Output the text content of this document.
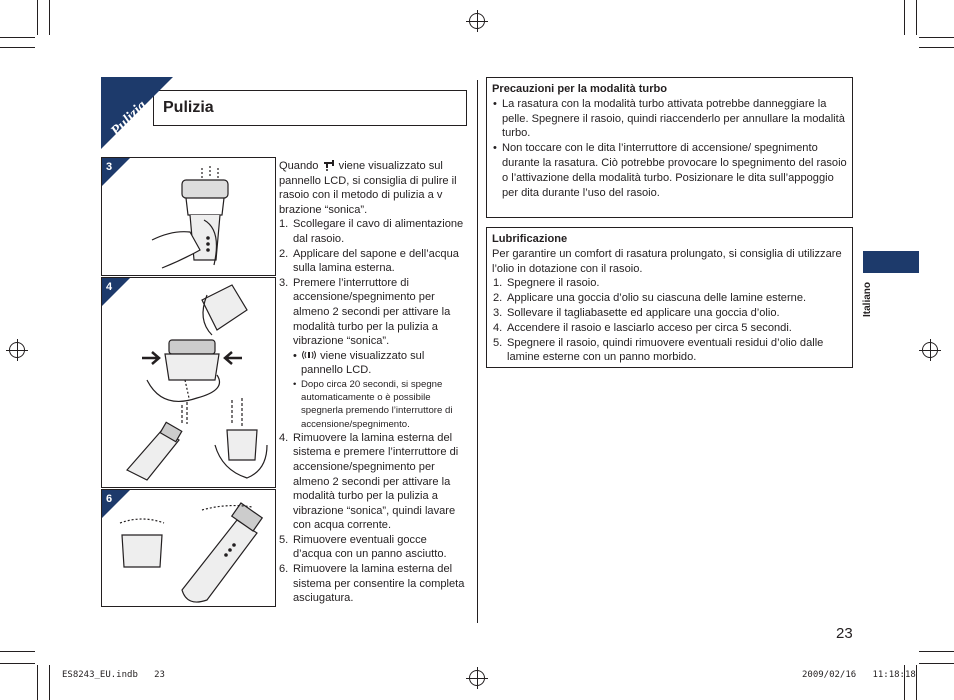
Pulizia Pulizia
3
4
6

Quando viene visualizzato sul pannello LCD, si consiglia di pulire il rasoio con il metodo di pulizia a v brazione “sonica”.

1. Scollegare il cavo di alimentazione dal rasoio.
2. Applicare del sapone e dell’acqua sulla lamina esterna.
3. Premere l’interruttore di accensione/spegnimento per almeno 2 secondi per attivare la modalità turbo per la pulizia a vibrazione “sonica”.
•	viene visualizzato sul pannello LCD.
• Dopo circa 20 secondi, si spegne automaticamente o è possibile spegnerla premendo l’interruttore di accensione/spegnimento.
4. Rimuovere la lamina esterna del sistema e premere l’interruttore di accensione/spegnimento per almeno 2 secondi per attivare la modalità turbo per la pulizia a vibrazione “sonica”, quindi lavare con acqua corrente.
5. Rimuovere eventuali gocce d’acqua con un panno asciutto.
6. Rimuovere la lamina esterna del sistema per consentire la completa asciugatura.
Precauzioni per la modalità turbo
• La rasatura con la modalità turbo attivata potrebbe danneggiare la pelle. Spegnere il rasoio, quindi riaccenderlo per annullare la modalità turbo.
• Non toccare con le dita l’interruttore di accensione/ spegnimento durante la rasatura. Ciò potrebbe provocare lo spegnimento del rasoio o l’attivazione della modalità turbo. Posizionare le dita sull’appoggio per dita durante l’uso del rasoio.
Lubrificazione
Per garantire un comfort di rasatura prolungato, si consiglia di utilizzare l’olio in dotazione con il rasoio.
1. Spegnere il rasoio.
2. Applicare una goccia d’olio su ciascuna delle lamine esterne.
3. Sollevare il tagliabasette ed applicare una goccia d’olio.
4. Accendere il rasoio e lasciarlo acceso per circa 5 secondi.
5. Spegnere il rasoio, quindi rimuovere eventuali residui d’olio dalle lamine esterne con un panno morbido.
Italiano
23
ES8243_EU.indb 23	2009/02/16 11:18:18
